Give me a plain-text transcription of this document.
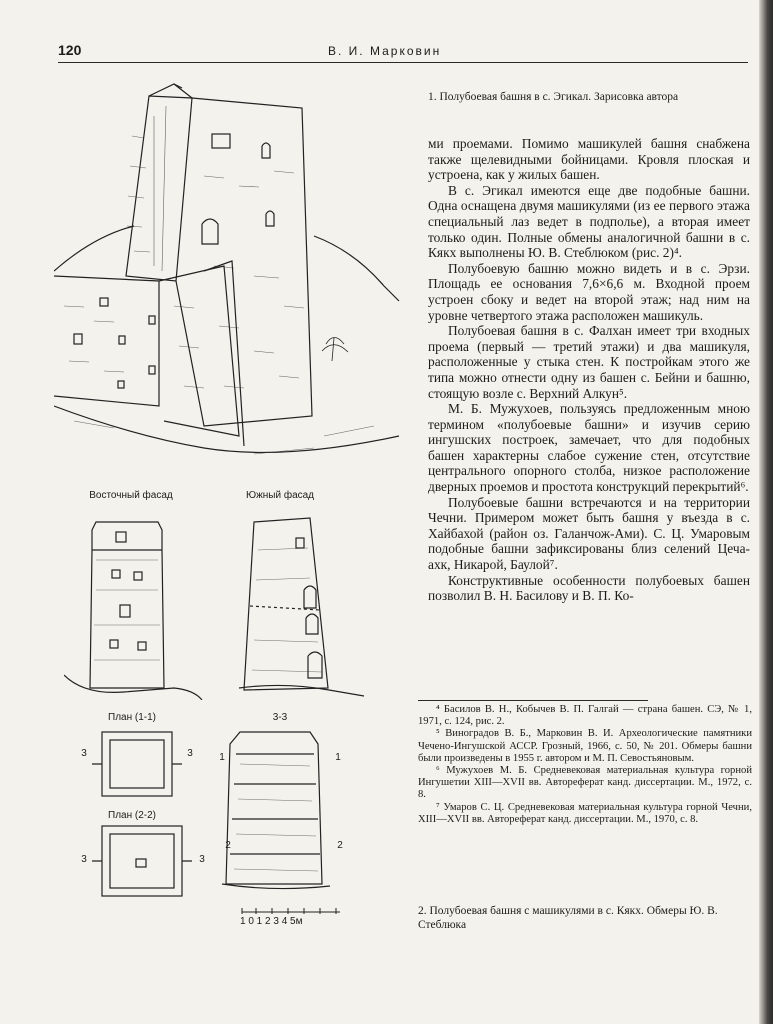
120	В. И. Марковин
1. Полубоевая башня в с. Эгикал. Зарисовка автора
Восточный фасад	Южный фасад
План (1-1)	3-3
План (2-2)
3	3
3	3
1	1
2	2
1 0 1 2 3 4 5м
2. Полубоевая башня с машикулями в с. Кякх. Обмеры Ю. В. Стеблюка

ми проемами. Помимо машикулей башня снабжена также щелевидными бойницами. Кровля плоская и устроена, как у жилых башен.

В с. Эгикал имеются еще две подобные башни. Одна оснащена двумя машикулями (из ее первого этажа специальный лаз ведет в подполье), а вторая имеет только один. Полные обмены аналогичной башни в с. Кякх выполнены Ю. В. Стеблюком (рис. 2)⁴.

Полубоевую башню можно видеть и в с. Эрзи. Площадь ее основания 7,6×6,6 м. Входной проем устроен сбоку и ведет на второй этаж; над ним на уровне четвертого этажа расположен машикуль.

Полубоевая башня в с. Фалхан имеет три входных проема (первый — третий этажи) и два машикуля, расположенные у стыка стен. К постройкам этого же типа можно отнести одну из башен с. Бейни и башню, стоящую возле с. Верхний Алкун⁵.

М. Б. Мужухоев, пользуясь предложенным мною термином «полубоевые башни» и изучив серию ингушских построек, замечает, что для подобных башен характерны слабое сужение стен, отсутствие центрального опорного столба, низкое расположение дверных проемов и простота конструкций перекрытий⁶.

Полубоевые башни встречаются и на территории Чечни. Примером может быть башня у въезда в с. Хайбахой (район оз. Галанчож-Ами). С. Ц. Умаровым подобные башни зафиксированы близ селений Цеча-ахк, Никарой, Баулой⁷.

Конструктивные особенности полубоевых башен позволил В. Н. Басилову и В. П. Ко-

⁴ Басилов В. Н., Кобычев В. П. Галгай — страна башен. СЭ, № 1, 1971, с. 124, рис. 2.

⁵ Виноградов В. Б., Марковин В. И. Археологические памятники Чечено-Ингушской АССР. Грозный, 1966, с. 50, № 201. Обмеры башни были произведены в 1955 г. автором и М. П. Севостьяновым.

⁶ Мужухоев М. Б. Средневековая материальная культура горной Ингушетии XIII—XVII вв. Автореферат канд. диссертации. М., 1972, с. 8.

⁷ Умаров С. Ц. Средневековая материальная культура горной Чечни, XIII—XVII вв. Автореферат канд. диссертации. М., 1970, с. 8.
